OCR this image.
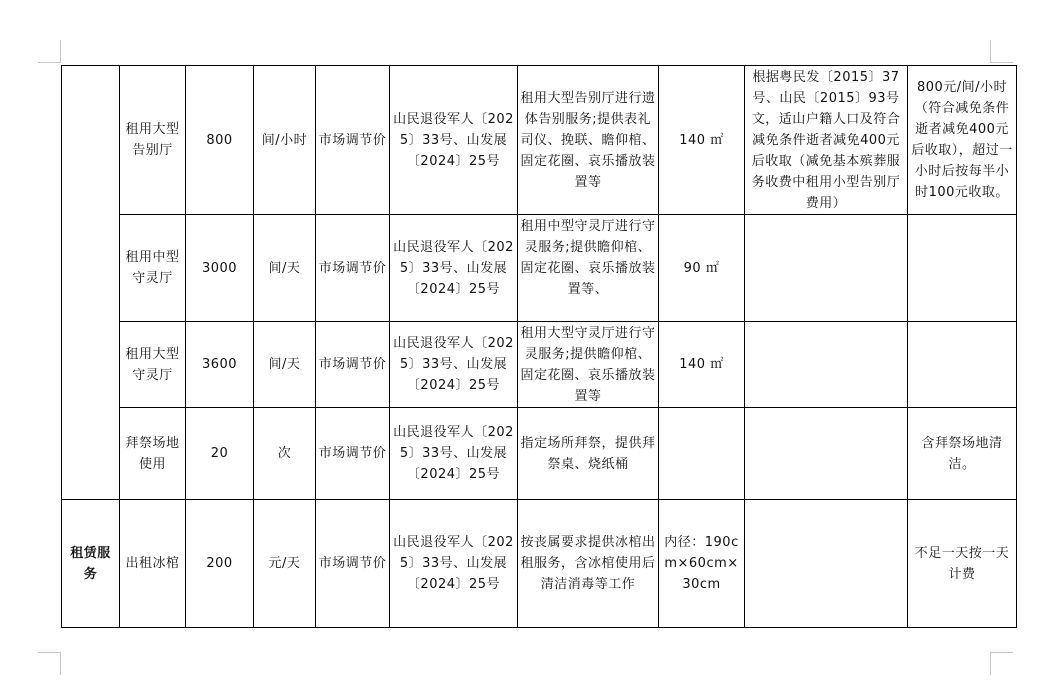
	租用大型告别厅	800	间/小时	市场调节价	山民退役军人〔2025〕33号、山发展〔2024〕25号	租用大型告别厅进行遗体告别服务;提供表礼司仪、挽联、瞻仰棺、固定花圈、哀乐播放装置等	140 ㎡	根据粤民发〔2015〕37号、山民〔2015〕93号文，适山户籍人口及符合减免条件逝者减免400元后收取（减免基本殡葬服务收费中租用小型告别厅费用）	800元/间/小时（符合减免条件逝者减免400元后收取），超过一小时后按每半小时100元收取。
	租用中型守灵厅	3000	间/天	市场调节价	山民退役军人〔2025〕33号、山发展〔2024〕25号	租用中型守灵厅进行守灵服务;提供瞻仰棺、固定花圈、哀乐播放装置等、	90 ㎡		
	租用大型守灵厅	3600	间/天	市场调节价	山民退役军人〔2025〕33号、山发展〔2024〕25号	租用大型守灵厅进行守灵服务;提供瞻仰棺、固定花圈、哀乐播放装置等	140 ㎡		
	拜祭场地使用	20	次	市场调节价	山民退役军人〔2025〕33号、山发展〔2024〕25号	指定场所拜祭，提供拜祭桌、烧纸桶			含拜祭场地清洁。
租赁服务	出租冰棺	200	元/天	市场调节价	山民退役军人〔2025〕33号、山发展〔2024〕25号	按丧属要求提供冰棺出租服务，含冰棺使用后清洁消毒等工作	内径：190cm×60cm×30cm		不足一天按一天计费
